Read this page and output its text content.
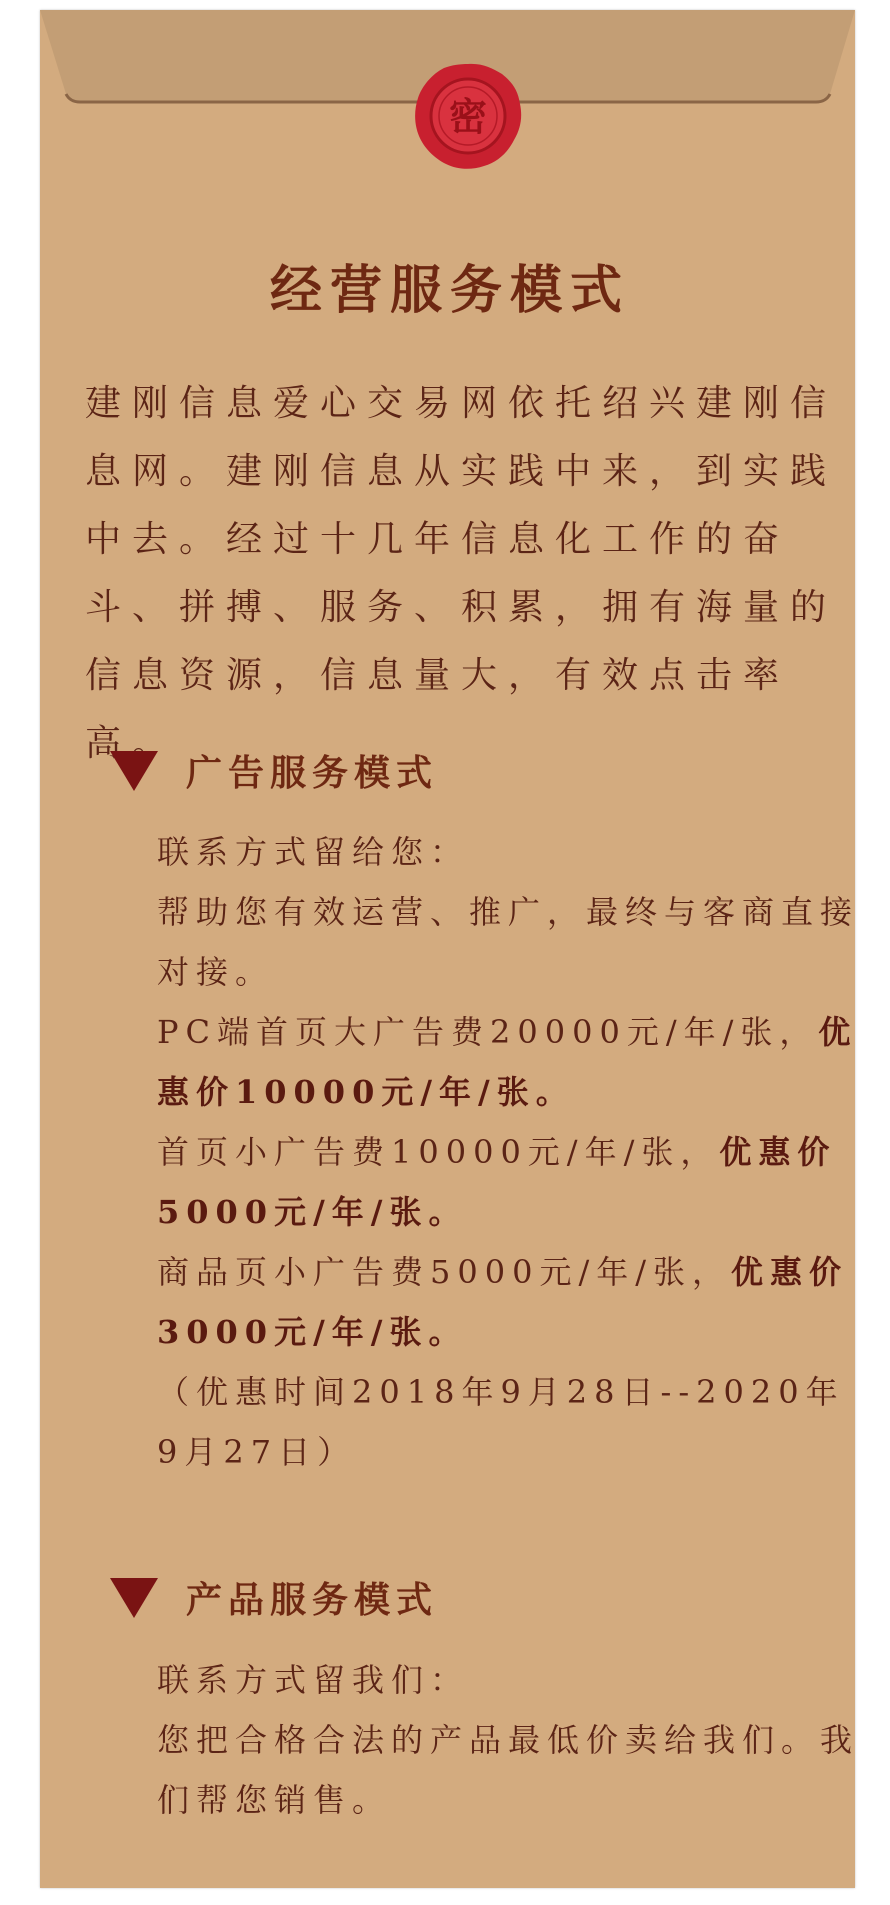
密
经营服务模式

建刚信息爱心交易网依托绍兴建刚信息网。建刚信息从实践中来，到实践中去。经过十几年信息化工作的奋斗、拼搏、服务、积累，拥有海量的信息资源，信息量大，有效点击率高。

广告服务模式

联系方式留给您：

帮助您有效运营、推广，最终与客商直接对接。

PC端首页大广告费20000元/年/张，优惠价10000元/年/张。

首页小广告费10000元/年/张，优惠价5000元/年/张。

商品页小广告费5000元/年/张，优惠价3000元/年/张。

（优惠时间2018年9月28日--2020年9月27日）

产品服务模式

联系方式留我们：

您把合格合法的产品最低价卖给我们。我们帮您销售。
